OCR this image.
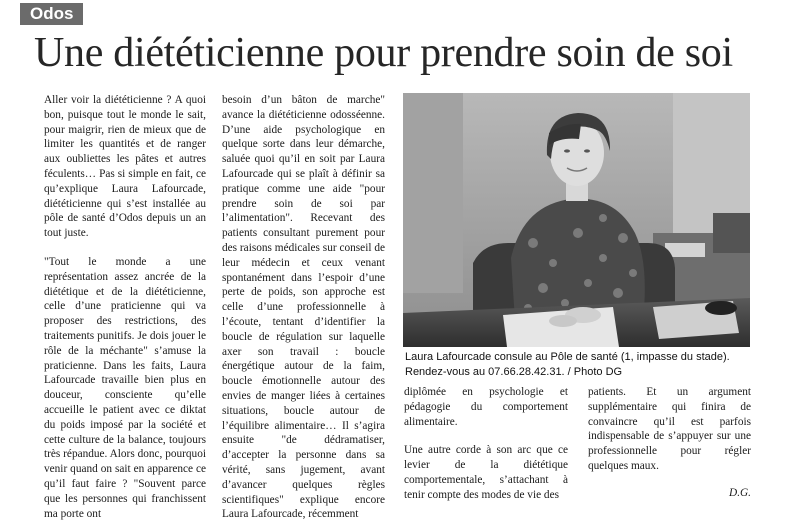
Odos
Une diététicienne pour prendre soin de soi

Aller voir la diététicienne ? A quoi bon, puisque tout le monde le sait, pour maigrir, rien de mieux que de limiter les quantités et de ranger aux oubliettes les pâtes et autres féculents… Pas si simple en fait, ce qu’explique Laura Lafourcade, diététicienne qui s’est installée au pôle de santé d’Odos depuis un an tout juste.

"Tout le monde a une représentation assez ancrée de la diététique et de la diététicienne, celle d’une praticienne qui va proposer des restrictions, des traitements punitifs. Je dois jouer le rôle de la méchante" s’amuse la praticienne. Dans les faits, Laura Lafourcade travaille bien plus en douceur, consciente qu’elle accueille le patient avec ce diktat du poids imposé par la société et cette culture de la balance, toujours très répandue. Alors donc, pourquoi venir quand on sait en apparence ce qu’il faut faire ? "Souvent parce que les personnes qui franchissent ma porte ont

besoin d’un bâton de marche" avance la diététicienne odosséenne. D’une aide psychologique en quelque sorte dans leur démarche, saluée quoi qu’il en soit par Laura Lafourcade qui se plaît à définir sa pratique comme une aide "pour prendre soin de soi par l’alimentation". Recevant des patients consultant purement pour des raisons médicales sur conseil de leur médecin et ceux venant spontanément dans l’espoir d’une perte de poids, son approche est celle d’une professionnelle à l’écoute, tentant d’identifier la boucle de régulation sur laquelle axer son travail : boucle énergétique autour de la faim, boucle émotionnelle autour des envies de manger liées à certaines situations, boucle autour de l’équilibre alimentaire… Il s’agira ensuite "de dédramatiser, d’accepter la personne dans sa vérité, sans jugement, avant d’avancer quelques règles scientifiques" explique encore Laura Lafourcade, récemment

Laura Lafourcade consule au Pôle de santé (1, impasse du stade).
Rendez-vous au 07.66.28.42.31. / Photo DG

diplômée en psychologie et pédagogie du comportement alimentaire.

Une autre corde à son arc que ce levier de la diététique comportementale, s’attachant à tenir compte des modes de vie des

patients. Et un argument supplémentaire qui finira de convaincre qu’il est parfois indispensable de s’appuyer sur une professionnelle pour régler quelques maux.

D.G.
